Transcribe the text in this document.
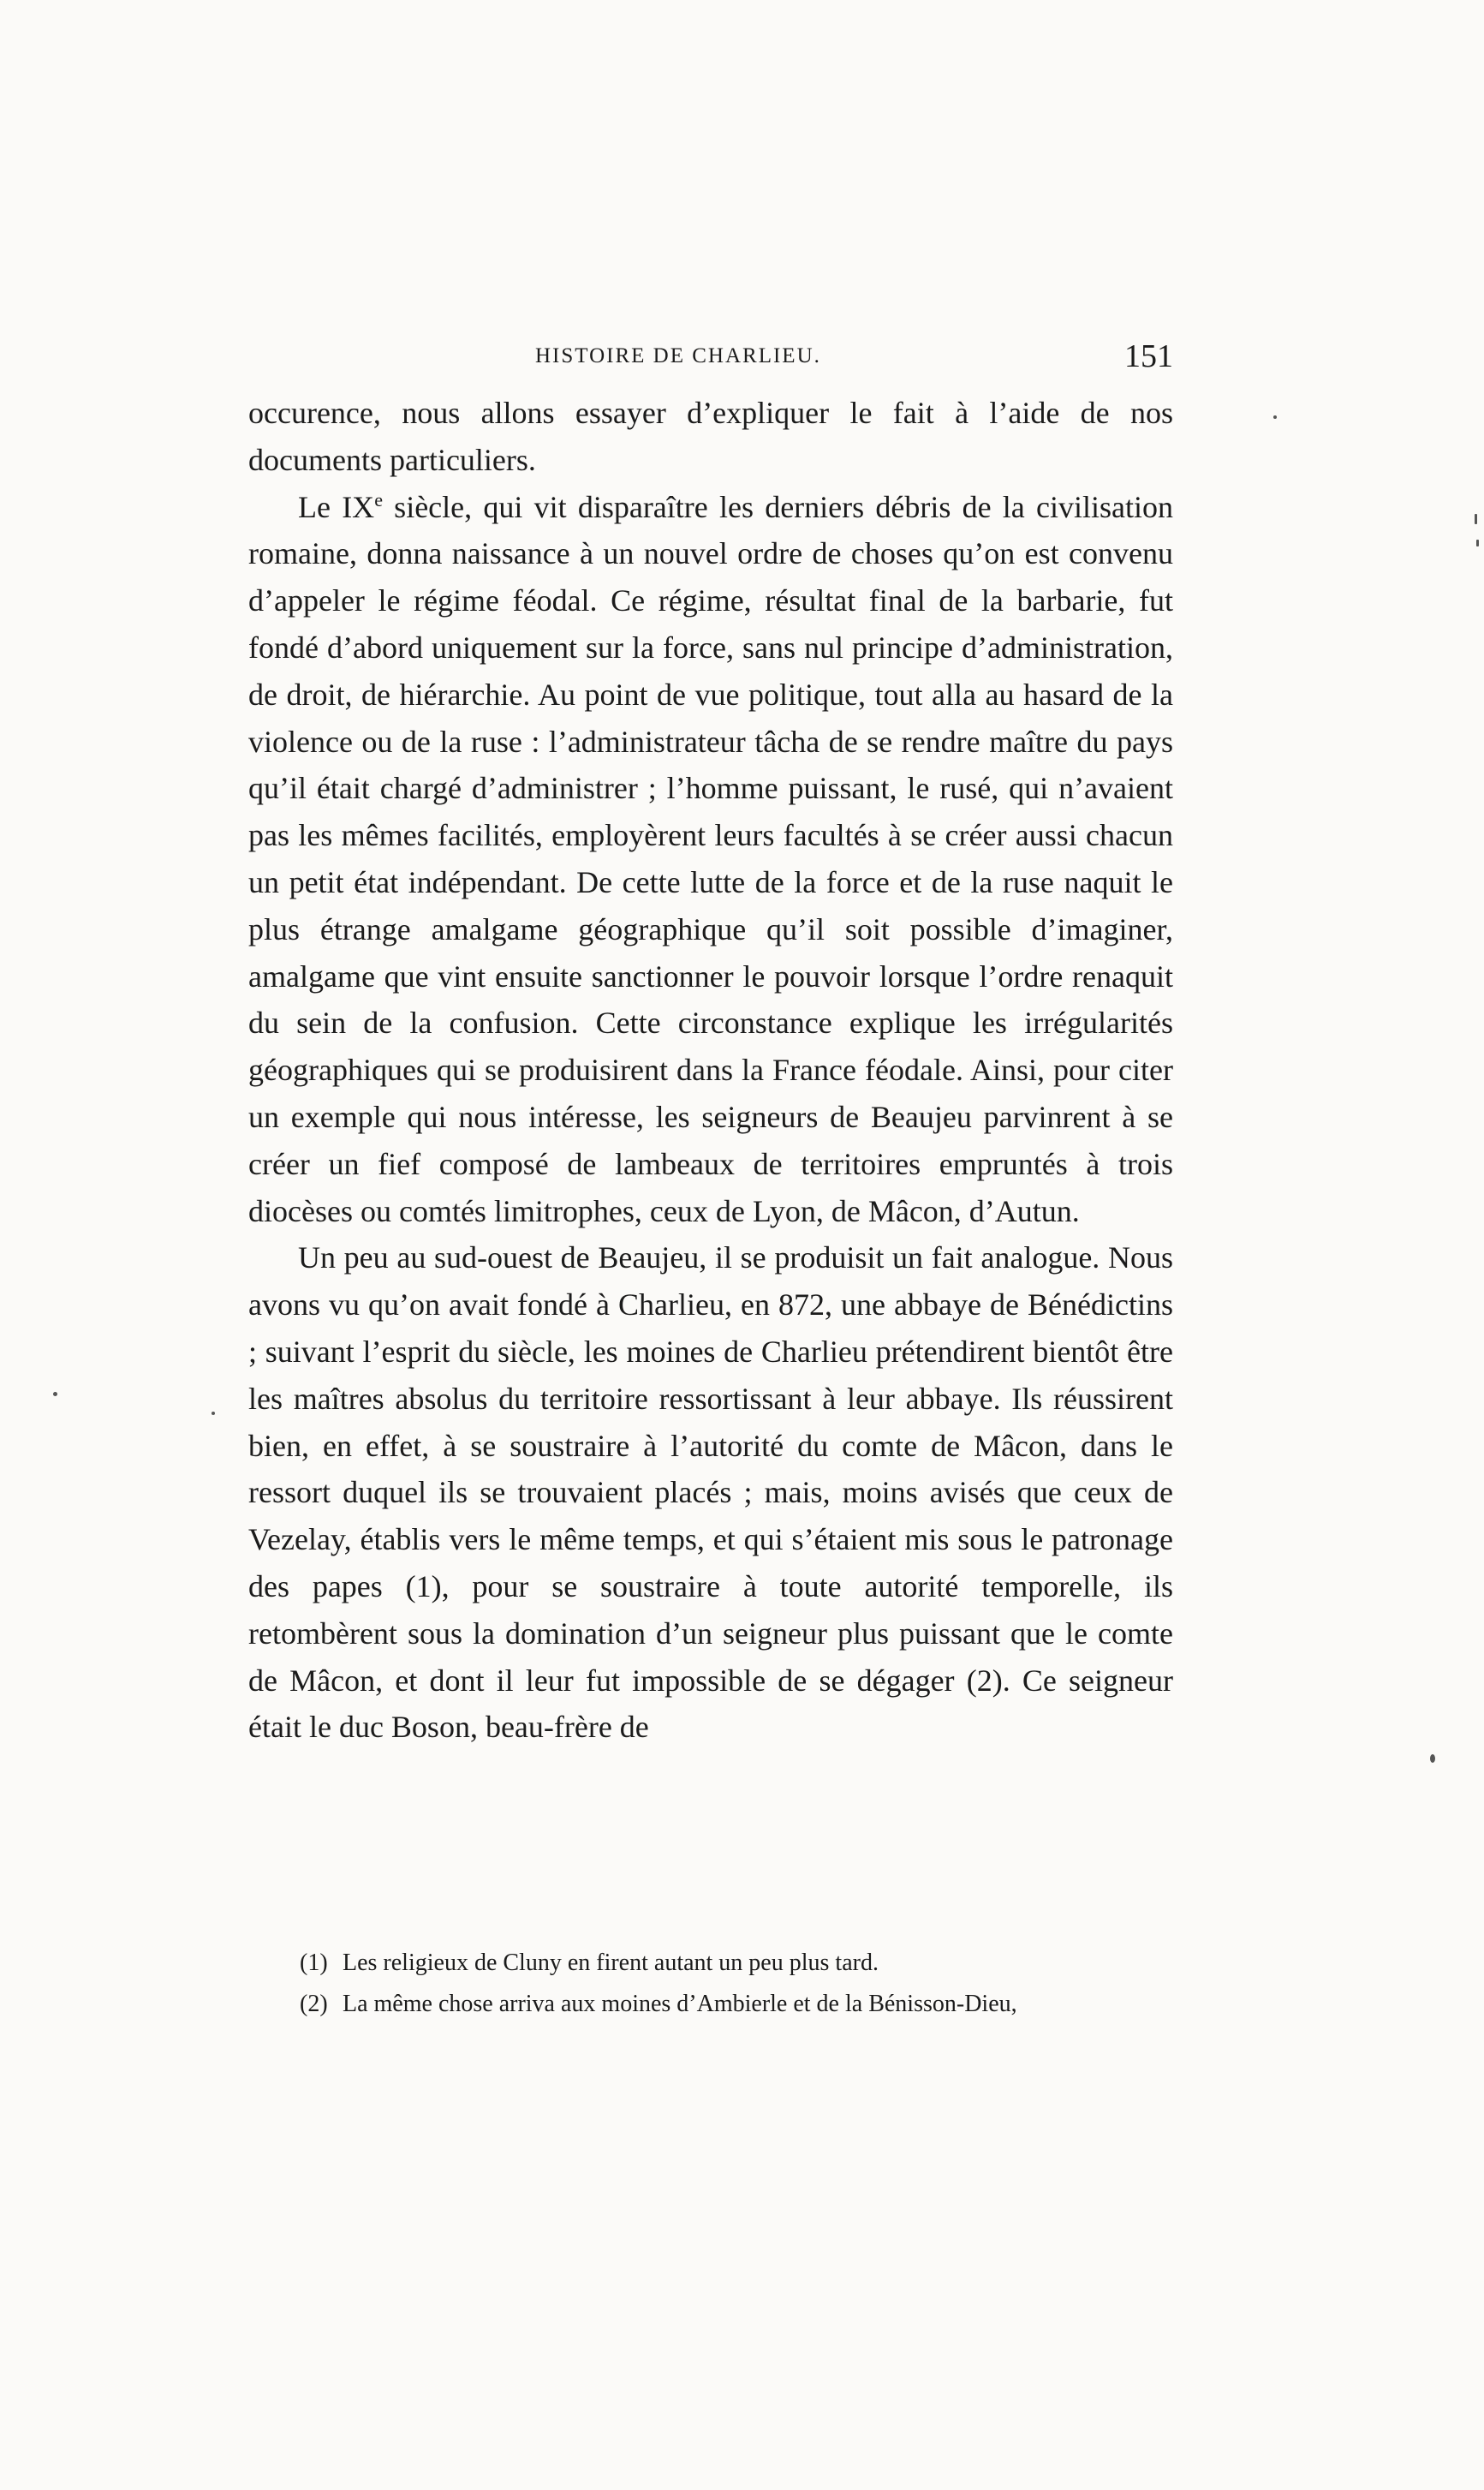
HISTOIRE DE CHARLIEU.	151

occurence, nous allons essayer d’expliquer le fait à l’aide de nos documents particuliers.

Le IXe siècle, qui vit disparaître les derniers débris de la civilisation romaine, donna naissance à un nouvel ordre de choses qu’on est convenu d’appeler le régime féodal. Ce régime, résultat final de la barbarie, fut fondé d’abord uniquement sur la force, sans nul principe d’administration, de droit, de hiérarchie. Au point de vue politique, tout alla au hasard de la violence ou de la ruse : l’administrateur tâcha de se rendre maître du pays qu’il était chargé d’administrer ; l’homme puissant, le rusé, qui n’avaient pas les mêmes facilités, employèrent leurs facultés à se créer aussi chacun un petit état indépendant. De cette lutte de la force et de la ruse naquit le plus étrange amalgame géographique qu’il soit possible d’imaginer, amalgame que vint ensuite sanctionner le pouvoir lorsque l’ordre renaquit du sein de la confusion. Cette circonstance explique les irrégularités géographiques qui se produisirent dans la France féodale. Ainsi, pour citer un exemple qui nous intéresse, les seigneurs de Beaujeu parvinrent à se créer un fief composé de lambeaux de territoires empruntés à trois diocèses ou comtés limitrophes, ceux de Lyon, de Mâcon, d’Autun.

Un peu au sud-ouest de Beaujeu, il se produisit un fait analogue. Nous avons vu qu’on avait fondé à Charlieu, en 872, une abbaye de Bénédictins ; suivant l’esprit du siècle, les moines de Charlieu prétendirent bientôt être les maîtres absolus du territoire ressortissant à leur abbaye. Ils réussirent bien, en effet, à se soustraire à l’autorité du comte de Mâcon, dans le ressort duquel ils se trouvaient placés ; mais, moins avisés que ceux de Vezelay, établis vers le même temps, et qui s’étaient mis sous le patronage des papes (1), pour se soustraire à toute autorité temporelle, ils retombèrent sous la domination d’un seigneur plus puissant que le comte de Mâcon, et dont il leur fut impossible de se dégager (2). Ce seigneur était le duc Boson, beau-frère de

(1) Les religieux de Cluny en firent autant un peu plus tard.

(2) La même chose arriva aux moines d’Ambierle et de la Bénisson-Dieu,
